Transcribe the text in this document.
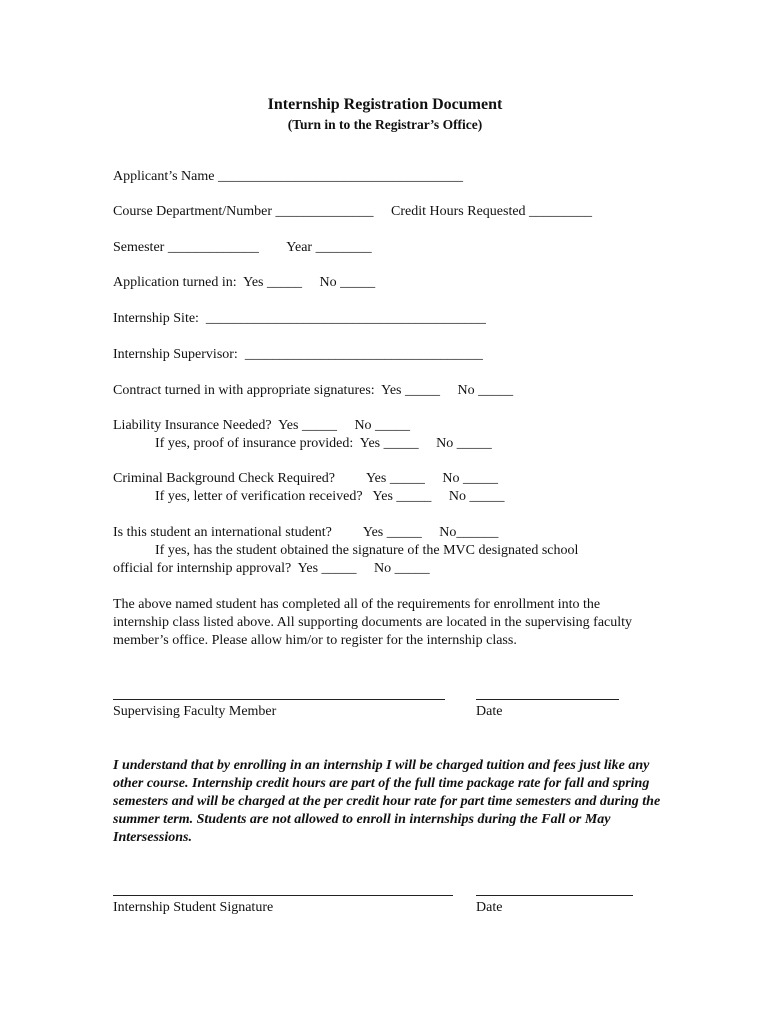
Internship Registration Document
(Turn in to the Registrar’s Office)
Applicant’s Name ___________________________________
Course Department/Number ______________     Credit Hours Requested _________
Semester _____________        Year ________
Application turned in:  Yes _____     No _____
Internship Site:  ________________________________________
Internship Supervisor:  __________________________________
Contract turned in with appropriate signatures:  Yes _____     No _____
Liability Insurance Needed?  Yes _____     No _____
If yes, proof of insurance provided:  Yes _____     No _____
Criminal Background Check Required?         Yes _____     No _____
If yes, letter of verification received?   Yes _____     No _____
Is this student an international student?         Yes _____     No______
If yes, has the student obtained the signature of the MVC designated school
official for internship approval?  Yes _____     No _____
The above named student has completed all of the requirements for enrollment into the internship class listed above. All supporting documents are located in the supervising faculty member’s office. Please allow him/or to register for the internship class.
Supervising Faculty Member	Date
I understand that by enrolling in an internship I will be charged tuition and fees just like any other course. Internship credit hours are part of the full time package rate for fall and spring semesters and will be charged at the per credit hour rate for part time semesters and during the summer term. Students are not allowed to enroll in internships during the Fall or May Intersessions.
Internship Student Signature	Date
